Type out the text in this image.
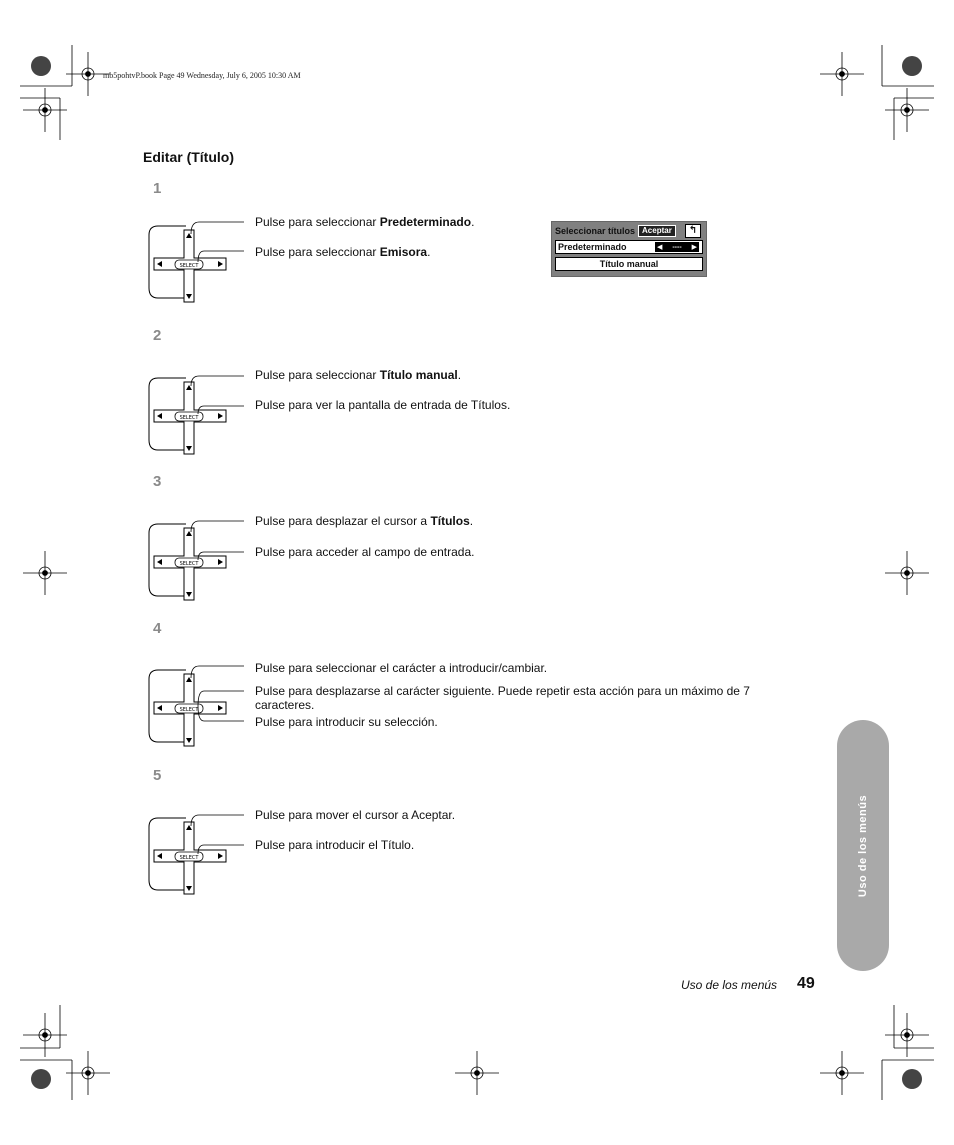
mb5pohtvP.book Page 49 Wednesday, July 6, 2005 10:30 AM
Editar (Título)
1
2
3
4
5
SELECT
SELECT
SELECT
SELECT
SELECT
Pulse para seleccionar Predeterminado.
Pulse para seleccionar Emisora.
Seleccionar títulos Aceptar	↰
Predeterminado	◀ ---- ▶
Título manual
Pulse para seleccionar Título manual.
Pulse para ver la pantalla de entrada de Títulos.
Pulse para desplazar el cursor a Títulos.
Pulse para acceder al campo de entrada.
Pulse para seleccionar el carácter a introducir/cambiar.
Pulse para desplazarse al carácter siguiente. Puede repetir esta acción para un máximo de 7 caracteres.
Pulse para introducir su selección.
Pulse para mover el cursor a Aceptar.
Pulse para introducir el Título.	Uso de los menús
Uso de los menús 49
